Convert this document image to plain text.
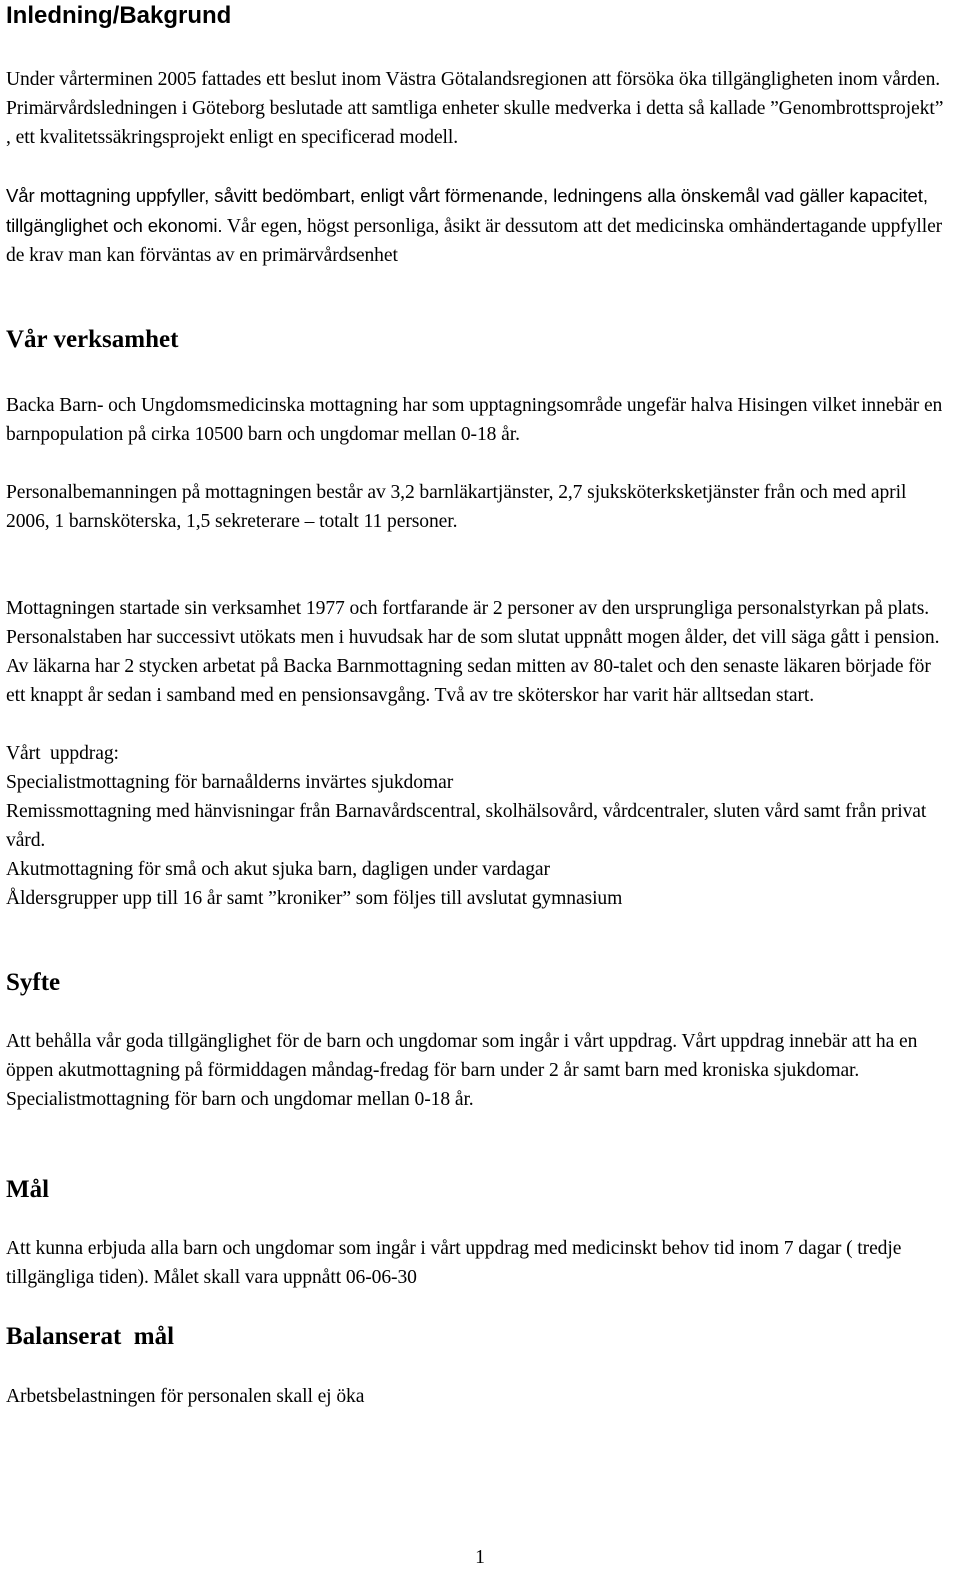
Inledning/Bakgrund

Under vårterminen 2005 fattades ett beslut inom Västra Götalandsregionen att försöka öka tillgängligheten inom vården. Primärvårdsledningen i Göteborg beslutade att samtliga enheter skulle medverka i detta så kallade ”Genombrottsprojekt” , ett kvalitetssäkringsprojekt enligt en specificerad modell.

Vår mottagning uppfyller, såvitt bedömbart, enligt vårt förmenande, ledningens alla önskemål vad gäller kapacitet, tillgänglighet och ekonomi. Vår egen, högst personliga, åsikt är dessutom att det medicinska omhändertagande uppfyller de krav man kan förväntas av en primärvårdsenhet

Vår verksamhet

Backa Barn- och Ungdomsmedicinska mottagning har som upptagningsområde ungefär halva Hisingen vilket innebär en barnpopulation på cirka 10500 barn och ungdomar mellan 0-18 år.

Personalbemanningen på mottagningen består av 3,2 barnläkartjänster, 2,7 sjuksköterksketjänster från och med april 2006, 1 barnsköterska, 1,5 sekreterare – totalt 11 personer.

Mottagningen startade sin verksamhet 1977 och fortfarande är 2 personer av den ursprungliga personalstyrkan på plats. Personalstaben har successivt utökats men i huvudsak har de som slutat uppnått mogen ålder, det vill säga gått i pension. Av läkarna har 2 stycken arbetat på Backa Barnmottagning sedan mitten av 80-talet och den senaste läkaren började för ett knappt år sedan i samband med en pensionsavgång. Två av tre sköterskor har varit här alltsedan start.

Vårt  uppdrag:

Specialistmottagning för barnaålderns invärtes sjukdomar

Remissmottagning med hänvisningar från Barnavårdscentral, skolhälsovård, vårdcentraler, sluten vård samt från privat vård.

Akutmottagning för små och akut sjuka barn, dagligen under vardagar

Åldersgrupper upp till 16 år samt ”kroniker” som följes till avslutat gymnasium

Syfte

Att behålla vår goda tillgänglighet för de barn och ungdomar som ingår i vårt uppdrag. Vårt uppdrag innebär att ha en öppen akutmottagning på förmiddagen måndag-fredag för barn under 2 år samt barn med kroniska sjukdomar. Specialistmottagning för barn och ungdomar mellan 0-18 år.

Mål

Att kunna erbjuda alla barn och ungdomar som ingår i vårt uppdrag med medicinskt behov tid inom 7 dagar ( tredje tillgängliga tiden). Målet skall vara uppnått 06-06-30

Balanserat  mål

Arbetsbelastningen för personalen skall ej öka

1
